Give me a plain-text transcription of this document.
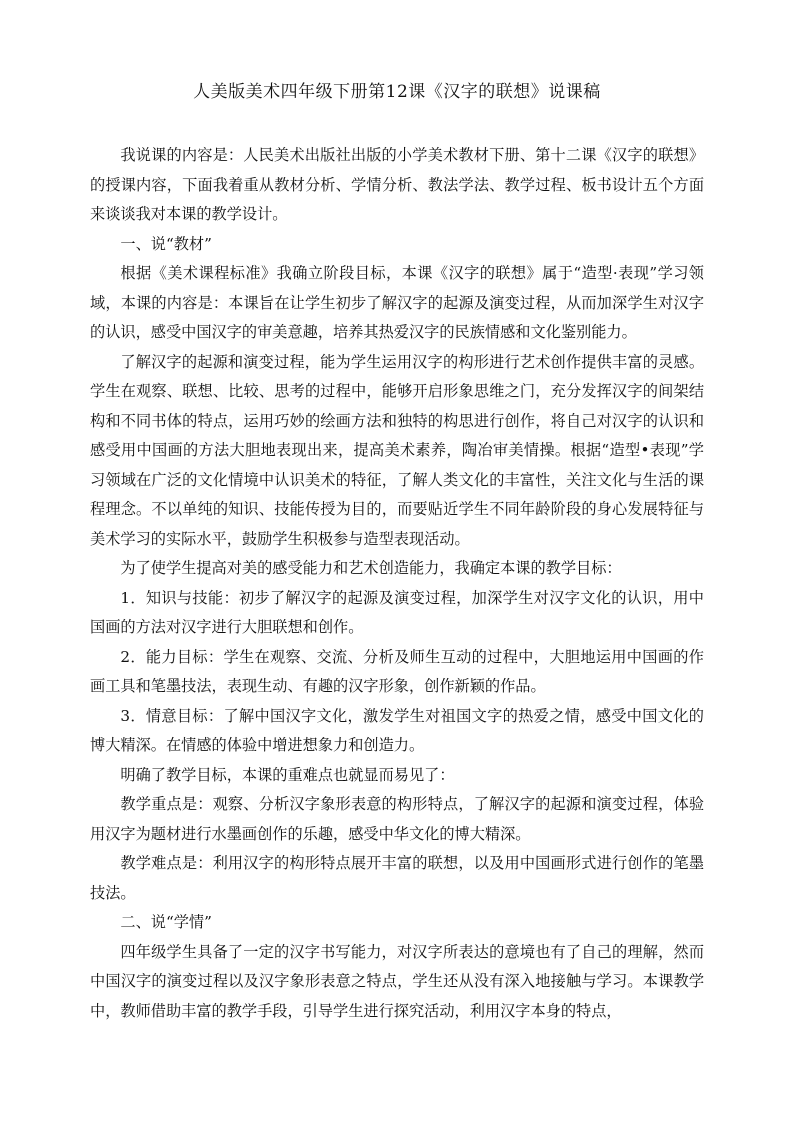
人美版美术四年级下册第12课《汉字的联想》说课稿

我说课的内容是：人民美术出版社出版的小学美术教材下册、第十二课《汉字的联想》的授课内容，下面我着重从教材分析、学情分析、教法学法、教学过程、板书设计五个方面来谈谈我对本课的教学设计。

一、说“教材”

根据《美术课程标准》我确立阶段目标，本课《汉字的联想》属于“造型·表现”学习领域，本课的内容是：本课旨在让学生初步了解汉字的起源及演变过程，从而加深学生对汉字的认识，感受中国汉字的审美意趣，培养其热爱汉字的民族情感和文化鉴别能力。

了解汉字的起源和演变过程，能为学生运用汉字的构形进行艺术创作提供丰富的灵感。学生在观察、联想、比较、思考的过程中，能够开启形象思维之门，充分发挥汉字的间架结构和不同书体的特点，运用巧妙的绘画方法和独特的构思进行创作，将自己对汉字的认识和感受用中国画的方法大胆地表现出来，提高美术素养，陶冶审美情操。根据“造型•表现”学习领域在广泛的文化情境中认识美术的特征，了解人类文化的丰富性，关注文化与生活的课程理念。不以单纯的知识、技能传授为目的，而要贴近学生不同年龄阶段的身心发展特征与美术学习的实际水平，鼓励学生积极参与造型表现活动。

为了使学生提高对美的感受能力和艺术创造能力，我确定本课的教学目标：

1．知识与技能：初步了解汉字的起源及演变过程，加深学生对汉字文化的认识，用中国画的方法对汉字进行大胆联想和创作。

2．能力目标：学生在观察、交流、分析及师生互动的过程中，大胆地运用中国画的作画工具和笔墨技法，表现生动、有趣的汉字形象，创作新颖的作品。

3．情意目标：了解中国汉字文化，激发学生对祖国文字的热爱之情，感受中国文化的博大精深。在情感的体验中增进想象力和创造力。

明确了教学目标，本课的重难点也就显而易见了：

教学重点是：观察、分析汉字象形表意的构形特点，了解汉字的起源和演变过程，体验用汉字为题材进行水墨画创作的乐趣，感受中华文化的博大精深。

教学难点是：利用汉字的构形特点展开丰富的联想，以及用中国画形式进行创作的笔墨技法。

二、说“学情”

四年级学生具备了一定的汉字书写能力，对汉字所表达的意境也有了自己的理解，然而中国汉字的演变过程以及汉字象形表意之特点，学生还从没有深入地接触与学习。本课教学中，教师借助丰富的教学手段，引导学生进行探究活动，利用汉字本身的特点，
